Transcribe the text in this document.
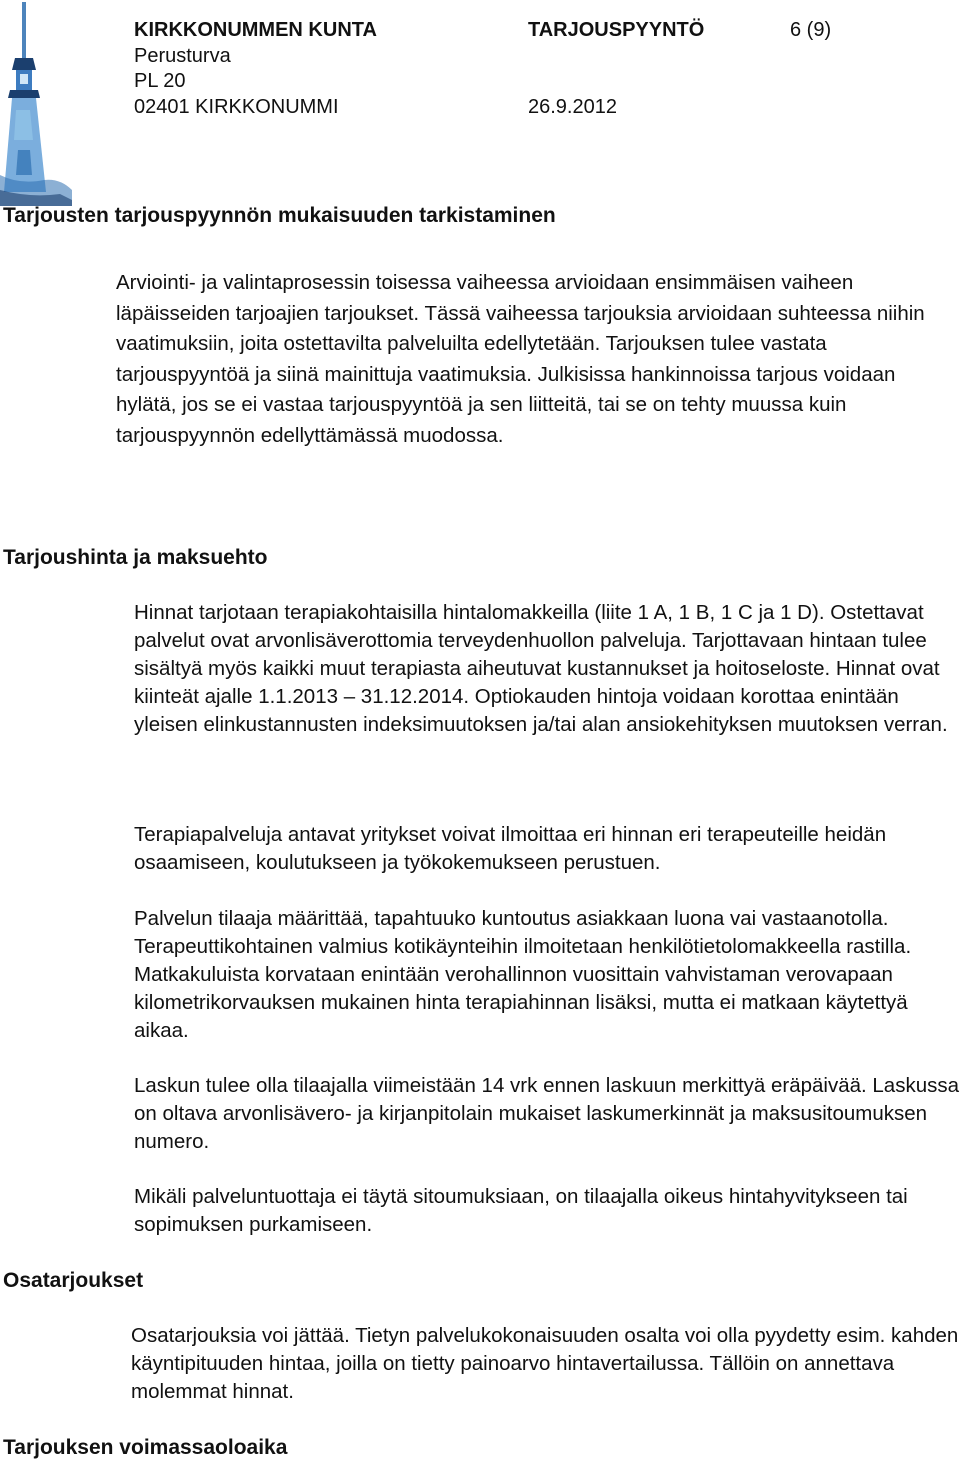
KIRKKONUMMEN KUNTA	TARJOUSPYYNTÖ	6 (9)
Perusturva
PL 20
02401 KIRKKONUMMI	26.9.2012
Tarjousten tarjouspyynnön mukaisuuden tarkistaminen

Arviointi- ja valintaprosessin toisessa vaiheessa arvioidaan ensimmäisen vaiheen läpäisseiden tarjoajien tarjoukset. Tässä vaiheessa tarjouksia arvioidaan suhteessa niihin vaatimuksiin, joita ostettavilta palveluilta edellytetään. Tarjouksen tulee vastata tarjouspyyntöä ja siinä mainittuja vaatimuksia. Julkisissa hankinnoissa tarjous voidaan hylätä, jos se ei vastaa tarjouspyyntöä ja sen liitteitä, tai se on tehty muussa kuin tarjouspyynnön edellyttämässä muodossa.

Tarjoushinta ja maksuehto

Hinnat tarjotaan terapiakohtaisilla hintalomakkeilla (liite 1 A, 1 B, 1 C ja 1 D). Ostettavat palvelut ovat arvonlisäverottomia terveydenhuollon palveluja. Tarjottavaan hintaan tulee sisältyä myös kaikki muut terapiasta aiheutuvat kustannukset ja hoitoseloste. Hinnat ovat kiinteät ajalle 1.1.2013 – 31.12.2014. Optiokauden hintoja voidaan korottaa enintään yleisen elinkustannusten indeksimuutoksen ja/tai alan ansiokehityksen muutoksen verran.

Terapiapalveluja antavat yritykset voivat ilmoittaa eri hinnan eri terapeuteille heidän osaamiseen, koulutukseen ja työkokemukseen perustuen.

Palvelun tilaaja määrittää, tapahtuuko kuntoutus asiakkaan luona vai vastaanotolla. Terapeuttikohtainen valmius kotikäynteihin ilmoitetaan henkilötietolomakkeella rastilla. Matkakuluista korvataan enintään verohallinnon vuosittain vahvistaman verovapaan kilometrikorvauksen mukainen hinta terapiahinnan lisäksi, mutta ei matkaan käytettyä aikaa.

Laskun tulee olla tilaajalla viimeistään 14 vrk ennen laskuun merkittyä eräpäivää. Laskussa on oltava arvonlisävero- ja kirjanpitolain mukaiset laskumerkinnät ja maksusitoumuksen numero.

Mikäli palveluntuottaja ei täytä sitoumuksiaan, on tilaajalla oikeus hintahyvitykseen tai sopimuksen purkamiseen.

Osatarjoukset

Osatarjouksia voi jättää. Tietyn palvelukokonaisuuden osalta voi olla pyydetty esim. kahden käyntipituuden hintaa, joilla on tietty painoarvo hintavertailussa. Tällöin on annettava molemmat hinnat.

Tarjouksen voimassaoloaika
